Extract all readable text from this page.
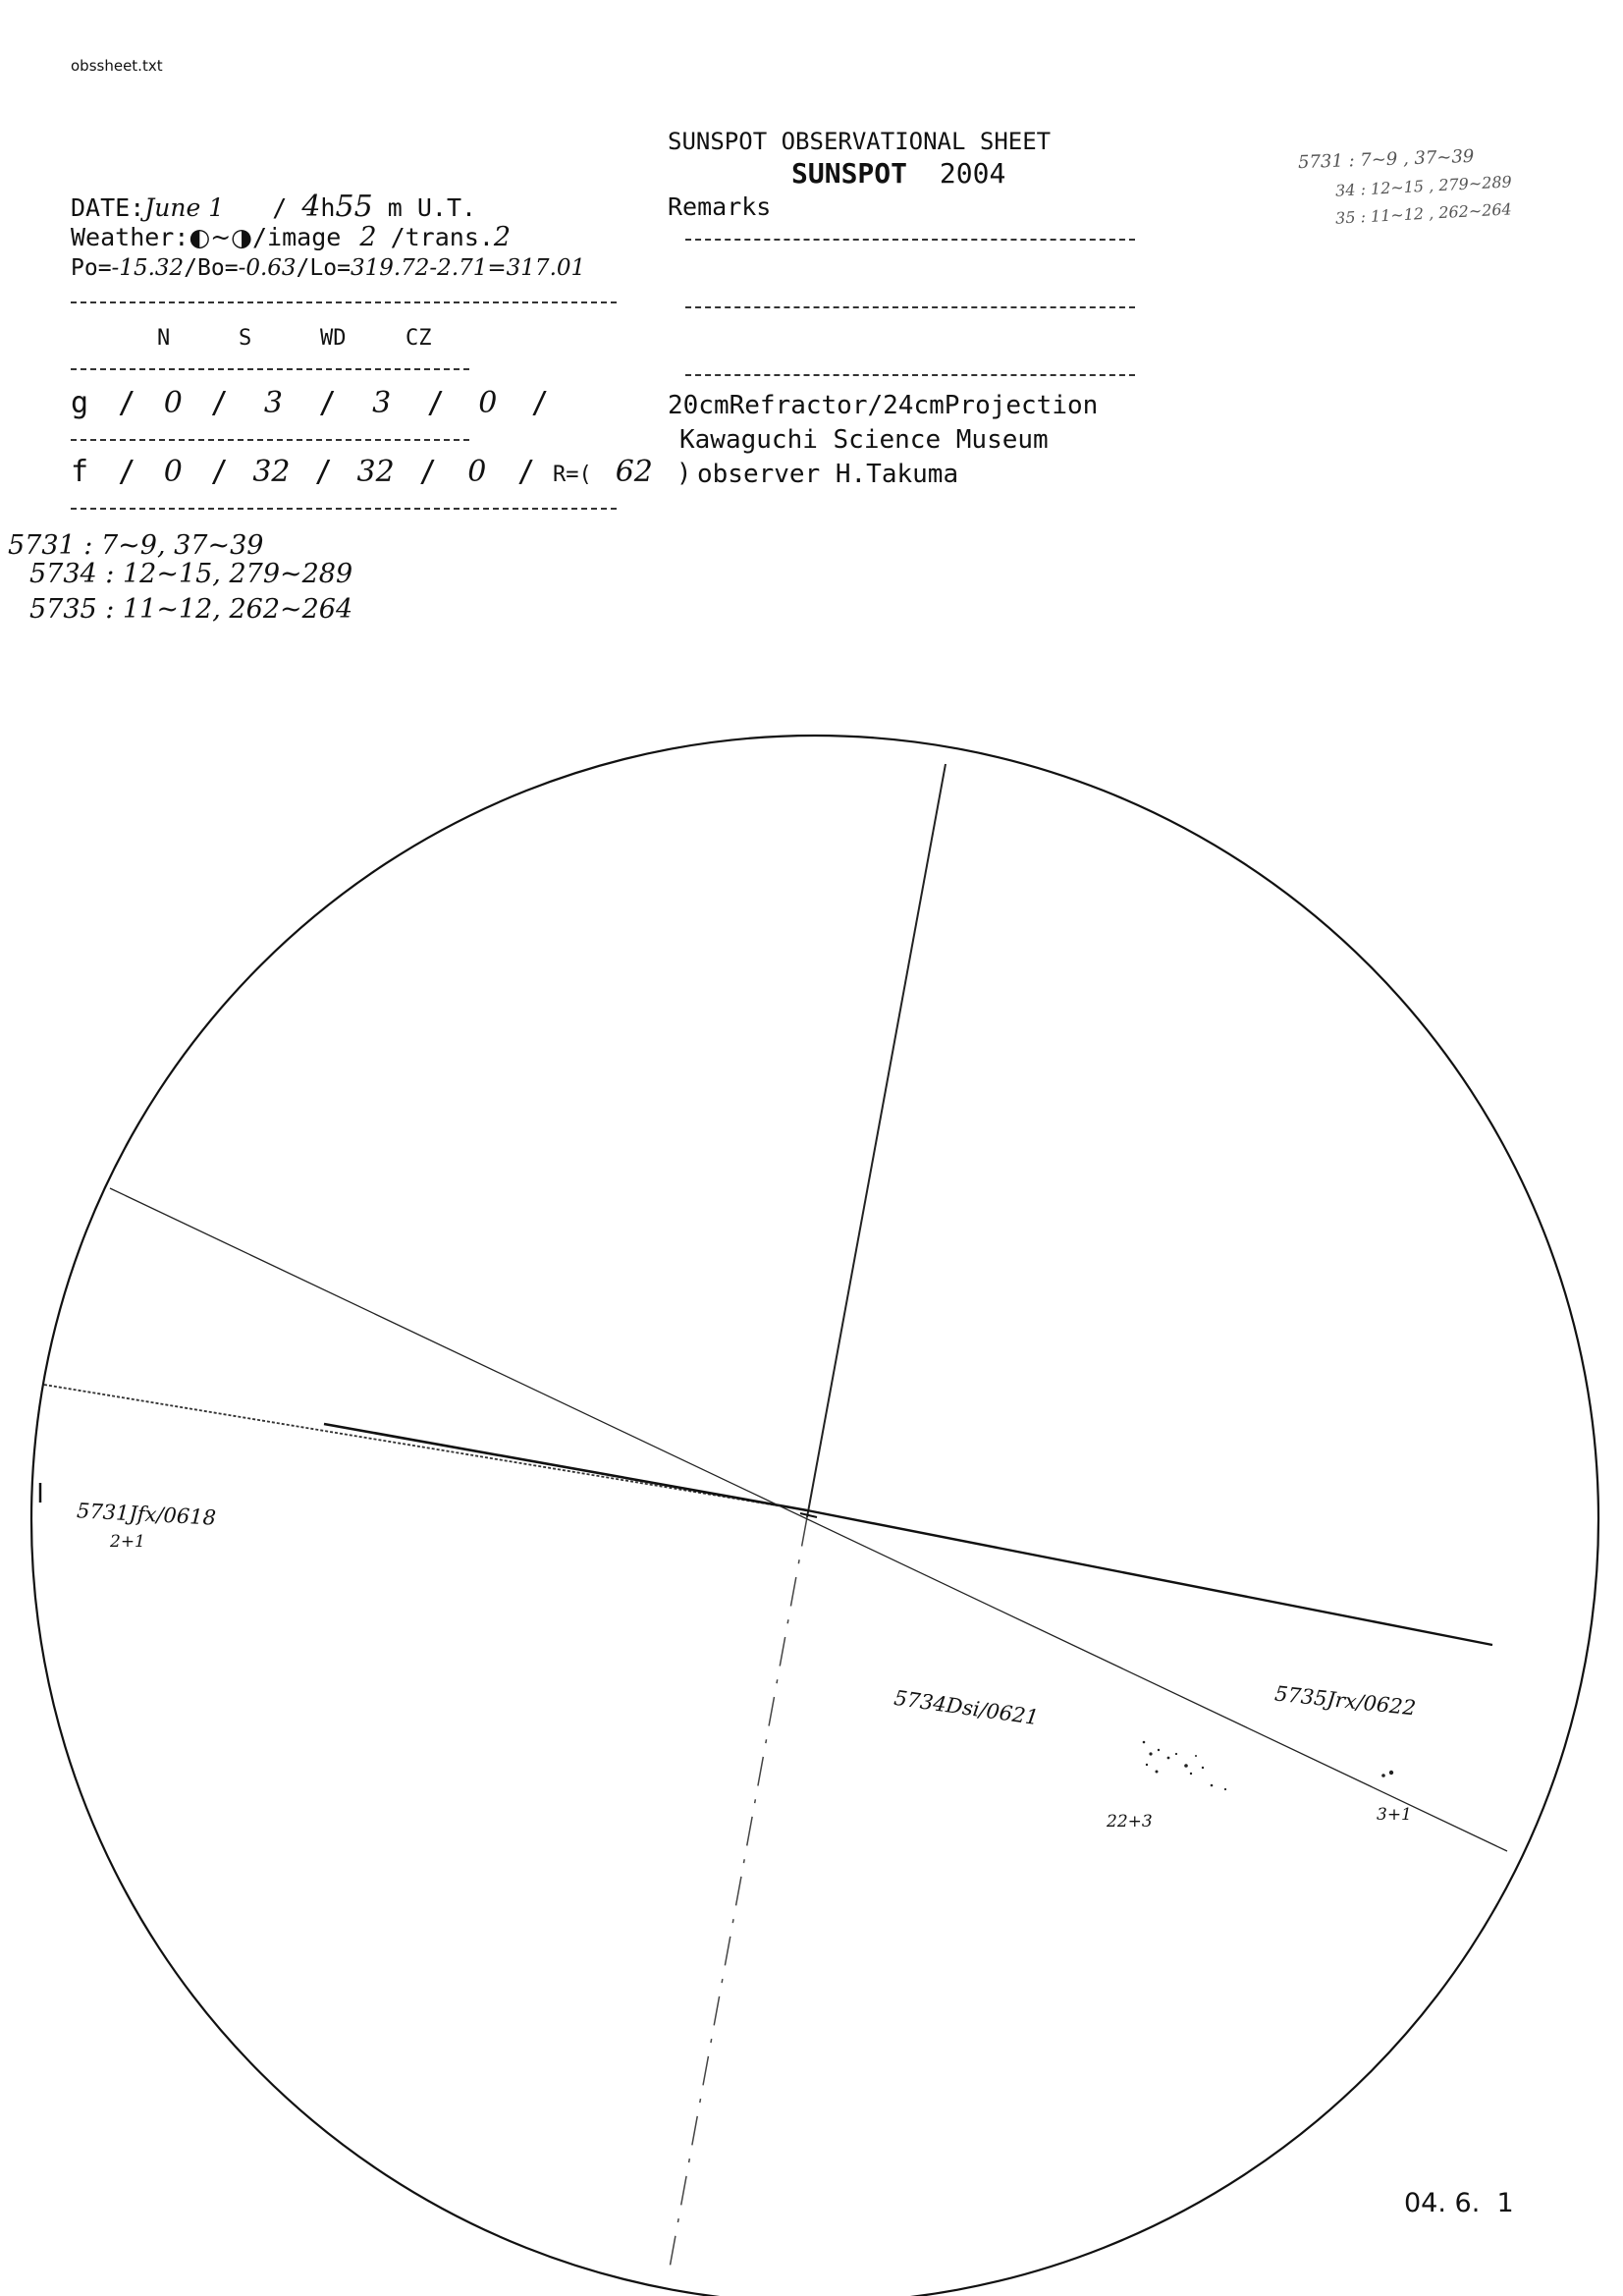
obssheet.txt
SUNSPOT OBSERVATIONAL SHEET
SUNSPOT 2004
DATE:June 1 / 4h55 m U.T.
Weather:◐~◑/image 2 /trans.2
Po=-15.32/Bo=-0.63/Lo=319.72-2.71=317.01
N	S	WD	CZ
g / 0 / 3 / 3 / 0 /
f / 0 / 32 / 32 / 0 / R=( 62 )
Remarks
20cmRefractor/24cmProjection
Kawaguchi Science Museum
observer H.Takuma
5731 : 7~9, 37~39
5734 : 12~15, 279~289
5735 : 11~12, 262~264
5731 : 7~9 , 37~39
34 : 12~15 , 279~289
35 : 11~12 , 262~264
5731Jfx/0618
2+1
5734Dsi/0621
22+3
5735Jrx/0622
3+1
04. 6.  1
